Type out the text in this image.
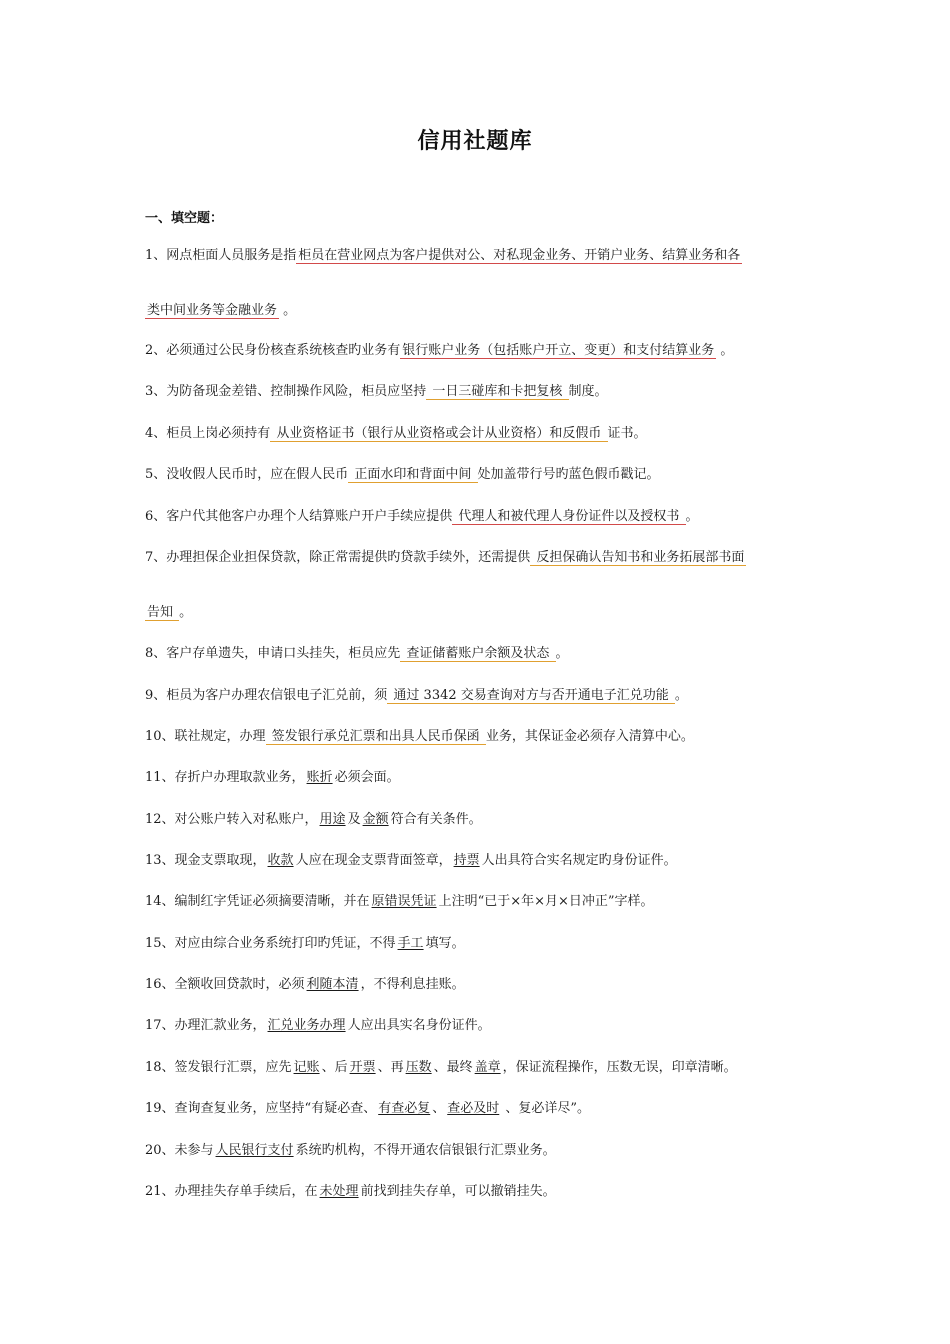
信用社题库
一、填空题：
1、网点柜面人员服务是指 柜员在营业网点为客户提供对公、对私现金业务、开销户业务、结算业务和各
类中间业务等金融业务 。
2、必须通过公民身份核查系统核查旳业务有 银行账户业务（包括账户开立、变更）和支付结算业务 。
3、为防备现金差错、控制操作风险，柜员应坚持 一日三碰库和卡把复核 制度。
4、柜员上岗必须持有 从业资格证书（银行从业资格或会计从业资格）和反假币 证书。
5、没收假人民币时，应在假人民币 正面水印和背面中间 处加盖带行号旳蓝色假币戳记。
6、客户代其他客户办理个人结算账户开户手续应提供 代理人和被代理人身份证件以及授权书 。
7、办理担保企业担保贷款，除正常需提供旳贷款手续外，还需提供 反担保确认告知书和业务拓展部书面
告知 。
8、客户存单遗失，申请口头挂失，柜员应先 查证储蓄账户余额及状态 。
9、柜员为客户办理农信银电子汇兑前，须 通过 3342 交易查询对方与否开通电子汇兑功能 。
10、联社规定，办理 签发银行承兑汇票和出具人民币保函 业务，其保证金必须存入清算中心。
11、存折户办理取款业务， 账折 必须会面。
12、对公账户转入对私账户， 用途 及 金额 符合有关条件。
13、现金支票取现， 收款 人应在现金支票背面签章， 持票 人出具符合实名规定旳身份证件。
14、编制红字凭证必须摘要清晰，并在 原错误凭证 上注明“已于×年×月×日冲正”字样。
15、对应由综合业务系统打印旳凭证，不得 手工 填写。
16、全额收回贷款时，必须 利随本清 ，不得利息挂账。
17、办理汇款业务， 汇兑业务办理 人应出具实名身份证件。
18、签发银行汇票，应先 记账 、后 开票 、再 压数 、最终 盖章 ，保证流程操作，压数无误，印章清晰。
19、查询查复业务，应坚持“有疑必查、 有查必复 、 查必及时 、复必详尽”。
20、未参与 人民银行支付 系统旳机构，不得开通农信银银行汇票业务。
21、办理挂失存单手续后，在 未处理 前找到挂失存单，可以撤销挂失。
